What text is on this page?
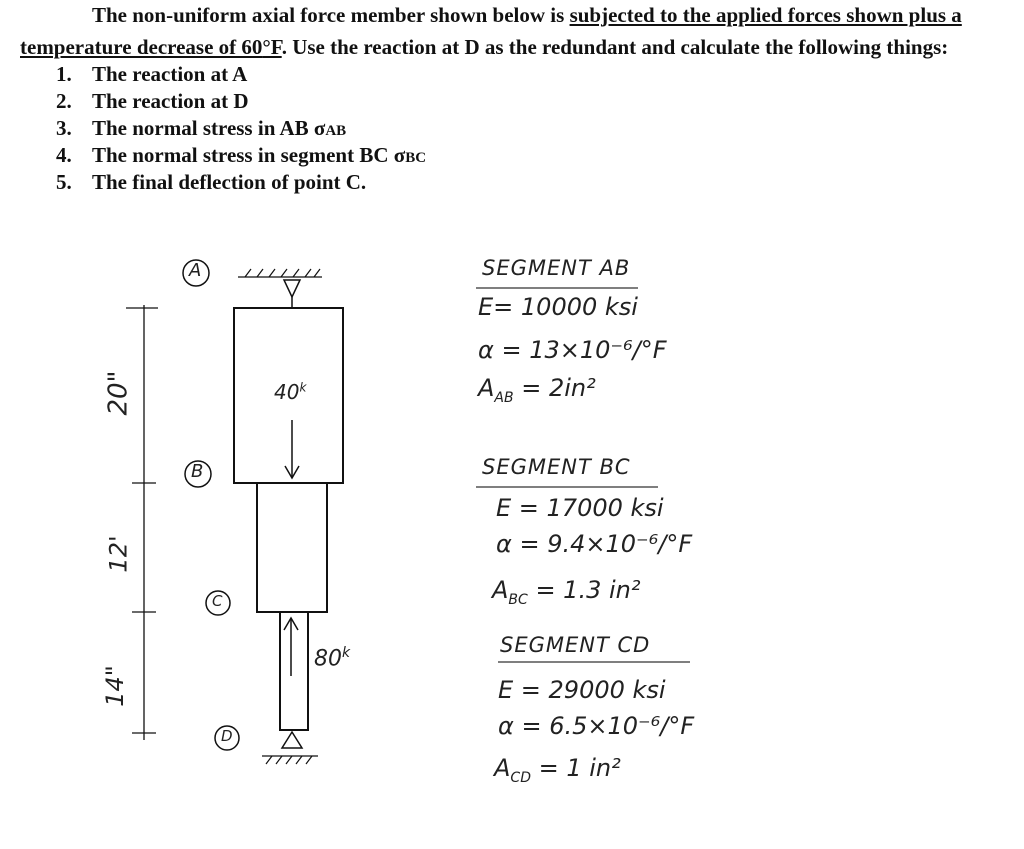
The non-uniform axial force member shown below is subjected to the applied forces shown plus a temperature decrease of 60°F. Use the reaction at D as the redundant and calculate the following things:

1. The reaction at A
2. The reaction at D
3. The normal stress in AB σAB
4. The normal stress in segment BC σBC
5. The final deflection of point C.
A
B
C
D
20"
12'
14"
40$^k$
80$^k$
SEGMENT AB
E= 10000 ksi
α = 13×10⁻⁶/°F
$A_{AB} = 2in^2$
SEGMENT BC
E = 17000 ksi
α = 9.4×10⁻⁶/°F
$A_{BC} = 1.3$ in²
SEGMENT CD
E = 29000 ksi
α = 6.5×10⁻⁶/°F
$A_{CD} = 1$ in²
